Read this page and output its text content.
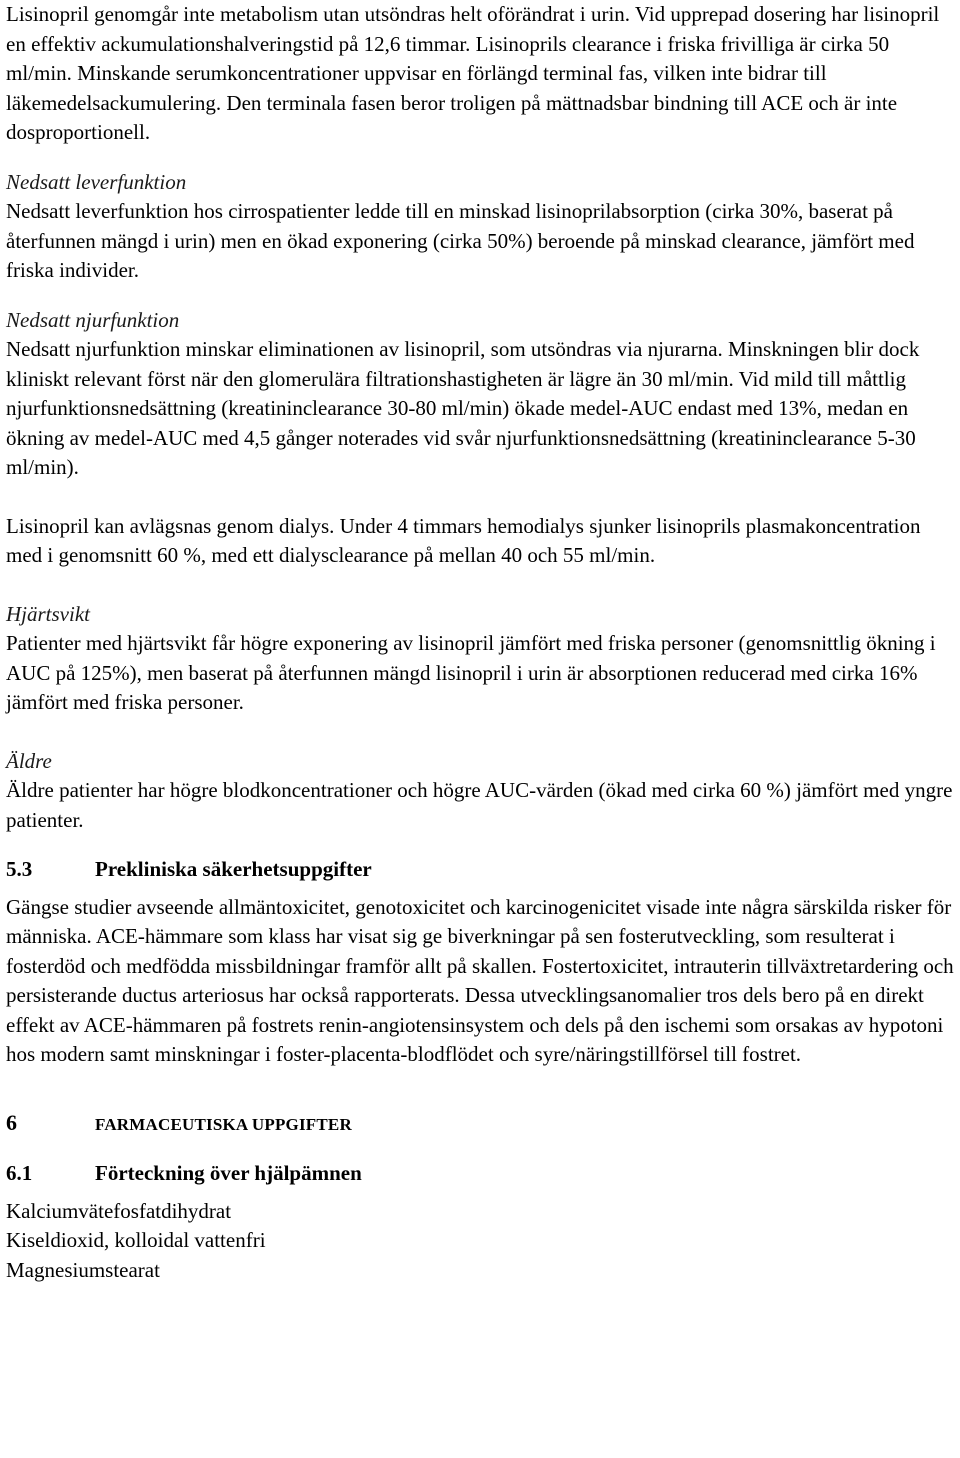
Lisinopril genomgår inte metabolism utan utsöndras helt oförändrat i urin. Vid upprepad dosering har lisinopril en effektiv ackumulationshalveringstid på 12,6 timmar. Lisinoprils clearance i friska frivilliga är cirka 50 ml/min. Minskande serumkoncentrationer uppvisar en förlängd terminal fas, vilken inte bidrar till läkemedelsackumulering. Den terminala fasen beror troligen på mättnadsbar bindning till ACE och är inte dosproportionell.

Nedsatt leverfunktion

Nedsatt leverfunktion hos cirrospatienter ledde till en minskad lisinoprilabsorption (cirka 30%, baserat på återfunnen mängd i urin) men en ökad exponering (cirka 50%) beroende på minskad clearance, jämfört med friska individer.

Nedsatt njurfunktion

Nedsatt njurfunktion minskar eliminationen av lisinopril, som utsöndras via njurarna. Minskningen blir dock kliniskt relevant först när den glomerulära filtrationshastigheten är lägre än 30 ml/min. Vid mild till måttlig njurfunktionsnedsättning (kreatininclearance 30-80 ml/min) ökade medel-AUC endast med 13%, medan en ökning av medel-AUC med 4,5 gånger noterades vid svår njurfunktionsnedsättning (kreatininclearance 5-30 ml/min).

Lisinopril kan avlägsnas genom dialys. Under 4 timmars hemodialys sjunker lisinoprils plasmakoncentration med i genomsnitt 60 %, med ett dialysclearance på mellan 40 och 55 ml/min.

Hjärtsvikt

Patienter med hjärtsvikt får högre exponering av lisinopril jämfört med friska personer (genomsnittlig ökning i AUC på 125%), men baserat på återfunnen mängd lisinopril i urin är absorptionen reducerad med cirka 16% jämfört med friska personer.

Äldre

Äldre patienter har högre blodkoncentrationer och högre AUC-värden (ökad med cirka 60 %) jämfört med yngre patienter.

5.3	Prekliniska säkerhetsuppgifter

Gängse studier avseende allmäntoxicitet, genotoxicitet och karcinogenicitet visade inte några särskilda risker för människa. ACE-hämmare som klass har visat sig ge biverkningar på sen fosterutveckling, som resulterat i fosterdöd och medfödda missbildningar framför allt på skallen. Fostertoxicitet, intrauterin tillväxtretardering och persisterande ductus arteriosus har också rapporterats. Dessa utvecklingsanomalier tros dels bero på en direkt effekt av ACE-hämmaren på fostrets renin-angiotensinsystem och dels på den ischemi som orsakas av hypotoni hos modern samt minskningar i foster-placenta-blodflödet och syre/näringstillförsel till fostret.

6	FARMACEUTISKA UPPGIFTER
6.1	Förteckning över hjälpämnen

Kalciumvätefosfatdihydrat

Kiseldioxid, kolloidal vattenfri

Magnesiumstearat
